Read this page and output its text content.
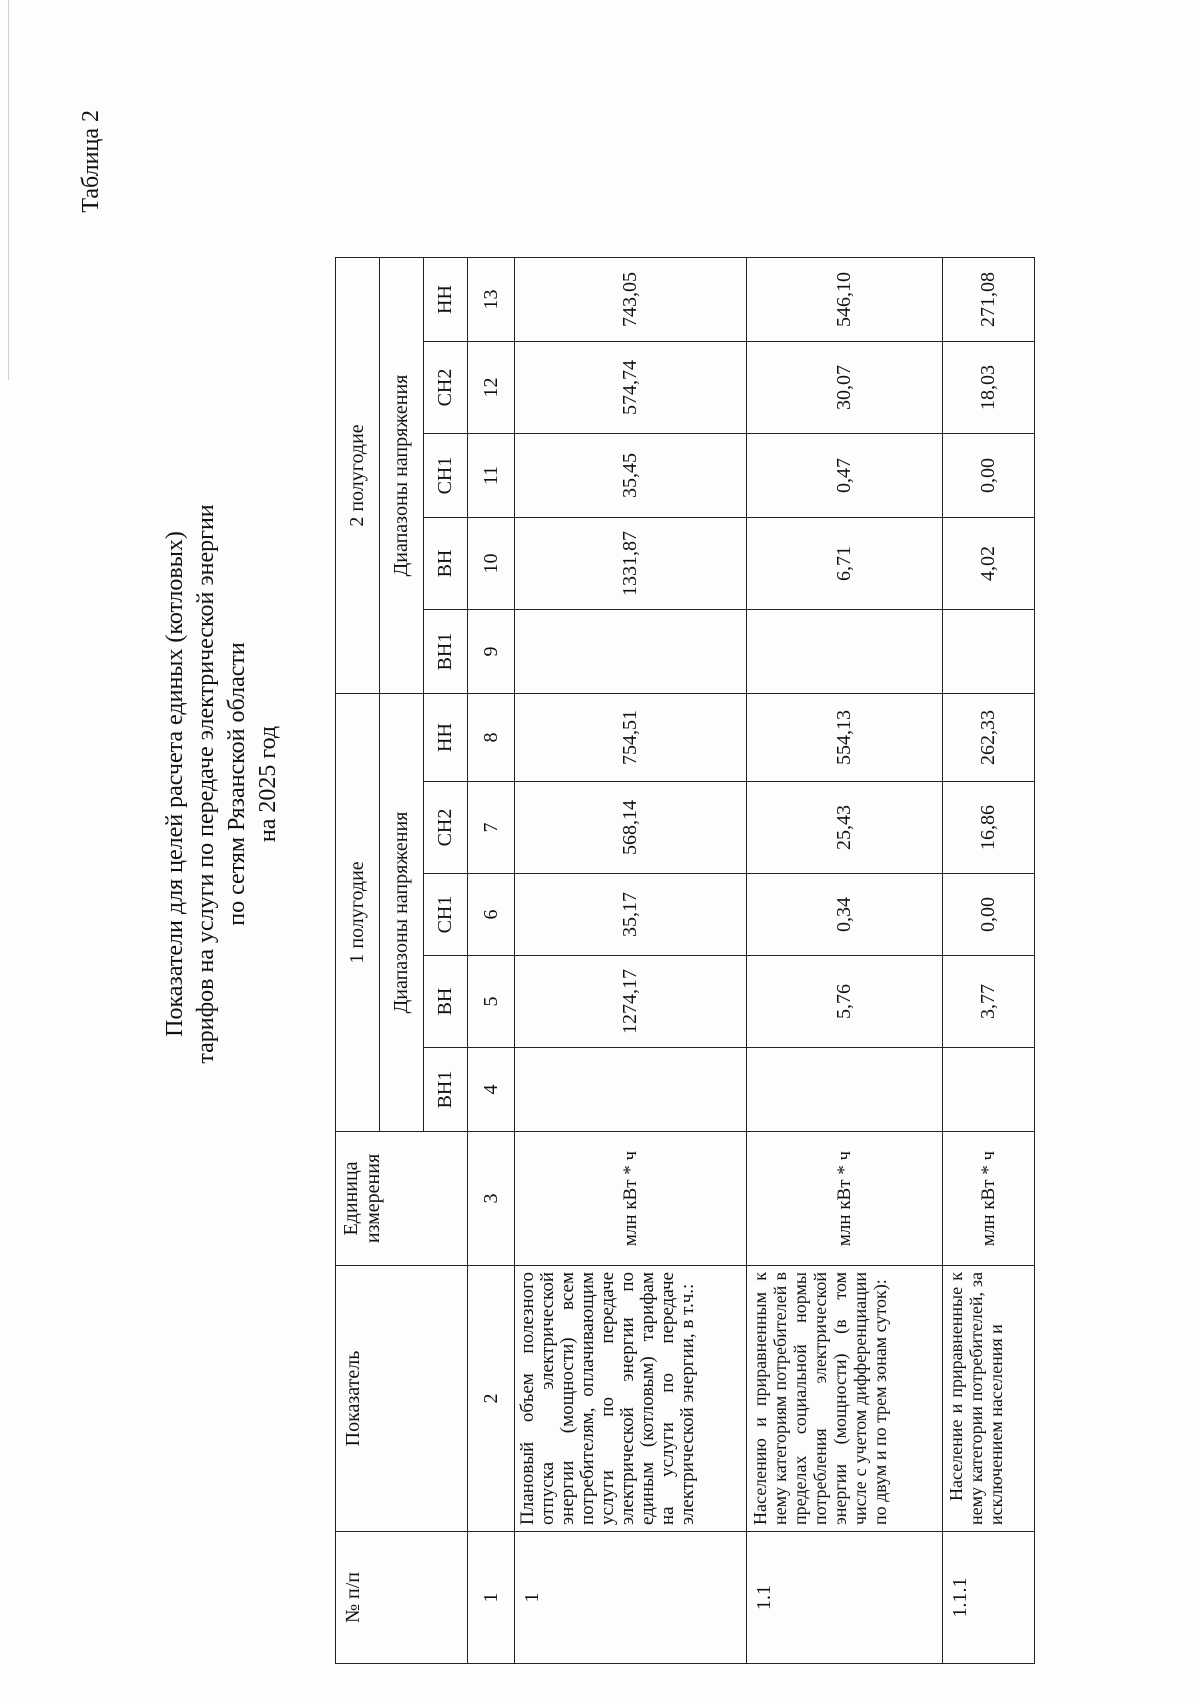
Таблица 2
Показатели для целей расчета единых (котловых) тарифов на услуги по передаче электрической энергии по сетям Рязанской области на 2025 год
№ п/п	Показатель	Единица измерения	1 полугодие					2 полугодие				
			Диапазоны напряжения					Диапазоны напряжения				
			ВН1	ВН	СН1	СН2	НН	ВН1	ВН	СН1	СН2	НН
1	2	3	4	5	6	7	8	9	10	11	12	13
1	Плановый объем полезного отпуска электрической энергии (мощности) всем потребителям, оплачивающим услуги по передаче электрической энергии по единым (котловым) тарифам на услуги по передаче электрической энергии, в т.ч.:	млн кВт * ч		1274,17	35,17	568,14	754,51		1331,87	35,45	574,74	743,05
1.1	Населению и приравненным к нему категориям потребителей в пределах социальной нормы потребления электрической энергии (мощности) (в том числе с учетом дифференциации по двум и по трем зонам суток):	млн кВт * ч		5,76	0,34	25,43	554,13		6,71	0,47	30,07	546,10
1.1.1	Население и приравненные к нему категории потребителей, за исключением населения и	млн кВт * ч		3,77	0,00	16,86	262,33		4,02	0,00	18,03	271,08
